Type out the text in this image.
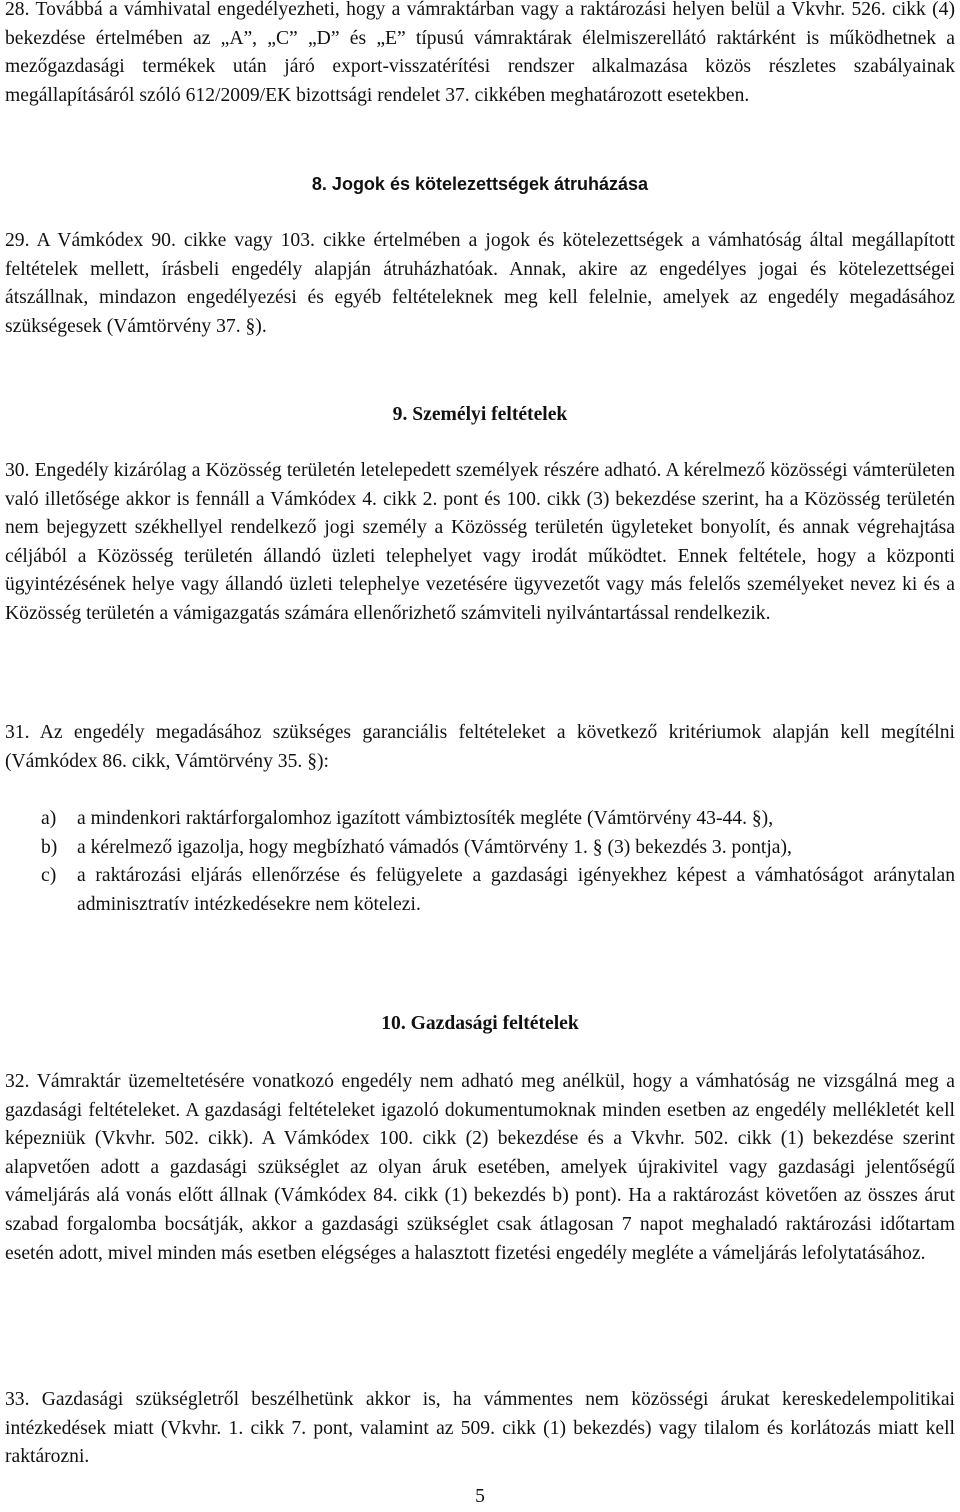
28. Továbbá a vámhivatal engedélyezheti, hogy a vámraktárban vagy a raktározási helyen belül a Vkvhr. 526. cikk (4) bekezdése értelmében az „A”, „C” „D” és „E” típusú vámraktárak élelmiszerellátó raktárként is működhetnek a mezőgazdasági termékek után járó export-visszatérítési rendszer alkalmazása közös részletes szabályainak megállapításáról szóló 612/2009/EK bizottsági rendelet 37. cikkében meghatározott esetekben.

8. Jogok és kötelezettségek átruházása

29. A Vámkódex 90. cikke vagy 103. cikke értelmében a jogok és kötelezettségek a vámhatóság által megállapított feltételek mellett, írásbeli engedély alapján átruházhatóak. Annak, akire az engedélyes jogai és kötelezettségei átszállnak, mindazon engedélyezési és egyéb feltételeknek meg kell felelnie, amelyek az engedély megadásához szükségesek (Vámtörvény 37. §).

9. Személyi feltételek

30. Engedély kizárólag a Közösség területén letelepedett személyek részére adható. A kérelmező közösségi vámterületen való illetősége akkor is fennáll a Vámkódex 4. cikk 2. pont és 100. cikk (3) bekezdése szerint, ha a Közösség területén nem bejegyzett székhellyel rendelkező jogi személy a Közösség területén ügyleteket bonyolít, és annak végrehajtása céljából a Közösség területén állandó üzleti telephelyet vagy irodát működtet. Ennek feltétele, hogy a központi ügyintézésének helye vagy állandó üzleti telephelye vezetésére ügyvezetőt vagy más felelős személyeket nevez ki és a Közösség területén a vámigazgatás számára ellenőrizhető számviteli nyilvántartással rendelkezik.

31. Az engedély megadásához szükséges garanciális feltételeket a következő kritériumok alapján kell megítélni (Vámkódex 86. cikk, Vámtörvény 35. §):

a) a mindenkori raktárforgalomhoz igazított vámbiztosíték megléte (Vámtörvény 43-44. §),
b) a kérelmező igazolja, hogy megbízható vámadós (Vámtörvény 1. § (3) bekezdés 3. pontja),
c) a raktározási eljárás ellenőrzése és felügyelete a gazdasági igényekhez képest a vámhatóságot aránytalan adminisztratív intézkedésekre nem kötelezi.

10. Gazdasági feltételek

32. Vámraktár üzemeltetésére vonatkozó engedély nem adható meg anélkül, hogy a vámhatóság ne vizsgálná meg a gazdasági feltételeket. A gazdasági feltételeket igazoló dokumentumoknak minden esetben az engedély mellékletét kell képezniük (Vkvhr. 502. cikk). A Vámkódex 100. cikk (2) bekezdése és a Vkvhr. 502. cikk (1) bekezdése szerint alapvetően adott a gazdasági szükséglet az olyan áruk esetében, amelyek újrakivitel vagy gazdasági jelentőségű vámeljárás alá vonás előtt állnak (Vámkódex 84. cikk (1) bekezdés b) pont). Ha a raktározást követően az összes árut szabad forgalomba bocsátják, akkor a gazdasági szükséglet csak átlagosan 7 napot meghaladó raktározási időtartam esetén adott, mivel minden más esetben elégséges a halasztott fizetési engedély megléte a vámeljárás lefolytatásához.

33. Gazdasági szükségletről beszélhetünk akkor is, ha vámmentes nem közösségi árukat kereskedelempolitikai intézkedések miatt (Vkvhr. 1. cikk 7. pont, valamint az 509. cikk (1) bekezdés) vagy tilalom és korlátozás miatt kell raktározni.

5
